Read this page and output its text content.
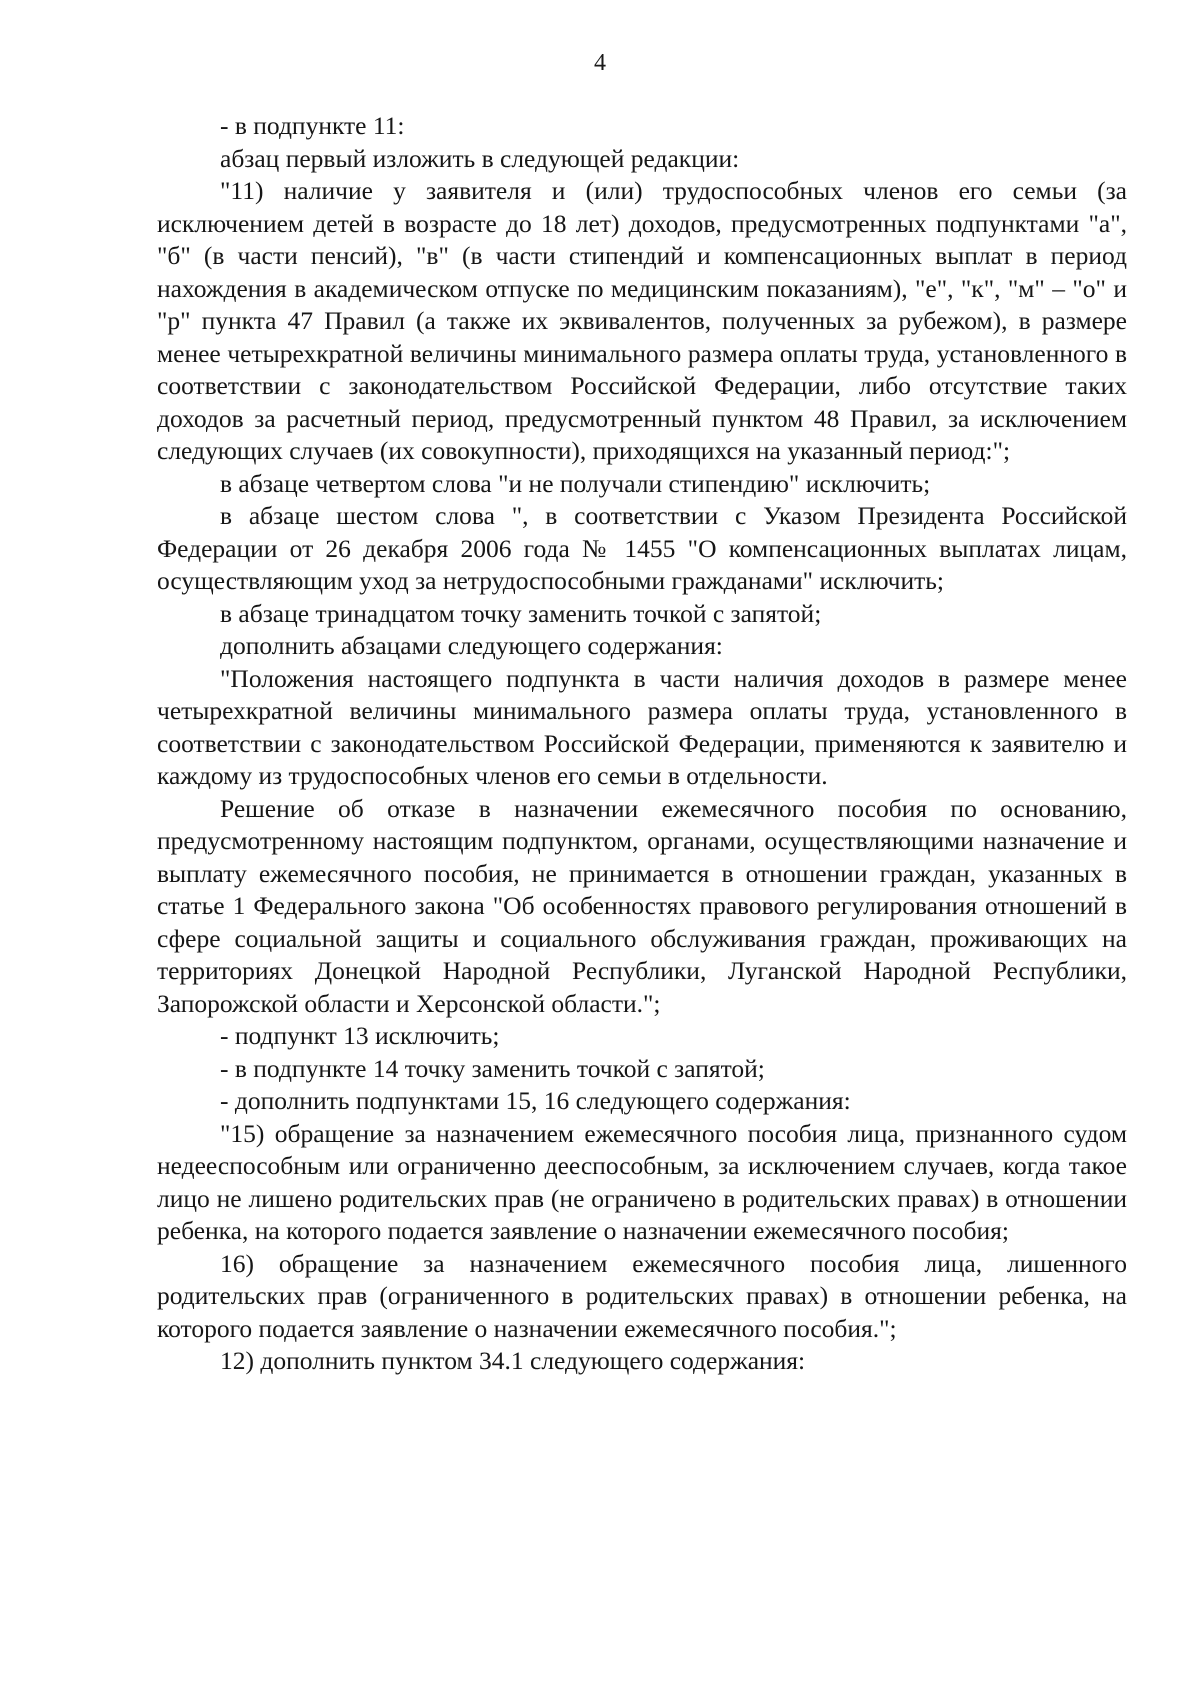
4

- в подпункте 11:

абзац первый изложить в следующей редакции:

"11) наличие у заявителя и (или) трудоспособных членов его семьи (за исключением детей в возрасте до 18 лет) доходов, предусмотренных подпунктами "а", "б" (в части пенсий), "в" (в части стипендий и компенсационных выплат в период нахождения в академическом отпуске по медицинским показаниям), "е", "к", "м" – "о" и "р" пункта 47 Правил (а также их эквивалентов, полученных за рубежом), в размере менее четырехкратной величины минимального размера оплаты труда, установленного в соответствии с законодательством Российской Федерации, либо отсутствие таких доходов за расчетный период, предусмотренный пунктом 48 Правил, за исключением следующих случаев (их совокупности), приходящихся на указанный период:";

в абзаце четвертом слова "и не получали стипендию" исключить;

в абзаце шестом слова ", в соответствии с Указом Президента Российской Федерации от 26 декабря 2006 года № 1455 "О компенсационных выплатах лицам, осуществляющим уход за нетрудоспособными гражданами" исключить;

в абзаце тринадцатом точку заменить точкой с запятой;

дополнить абзацами следующего содержания:

"Положения настоящего подпункта в части наличия доходов в размере менее четырехкратной величины минимального размера оплаты труда, установленного в соответствии с законодательством Российской Федерации, применяются к заявителю и каждому из трудоспособных членов его семьи в отдельности.

Решение об отказе в назначении ежемесячного пособия по основанию, предусмотренному настоящим подпунктом, органами, осуществляющими назначение и выплату ежемесячного пособия, не принимается в отношении граждан, указанных в статье 1 Федерального закона "Об особенностях правового регулирования отношений в сфере социальной защиты и социального обслуживания граждан, проживающих на территориях Донецкой Народной Республики, Луганской Народной Республики, Запорожской области и Херсонской области.";

- подпункт 13 исключить;

- в подпункте 14 точку заменить точкой с запятой;

- дополнить подпунктами 15, 16 следующего содержания:

"15) обращение за назначением ежемесячного пособия лица, признанного судом недееспособным или ограниченно дееспособным, за исключением случаев, когда такое лицо не лишено родительских прав (не ограничено в родительских правах) в отношении ребенка, на которого подается заявление о назначении ежемесячного пособия;

16) обращение за назначением ежемесячного пособия лица, лишенного родительских прав (ограниченного в родительских правах) в отношении ребенка, на которого подается заявление о назначении ежемесячного пособия.";

12) дополнить пунктом 34.1 следующего содержания:
